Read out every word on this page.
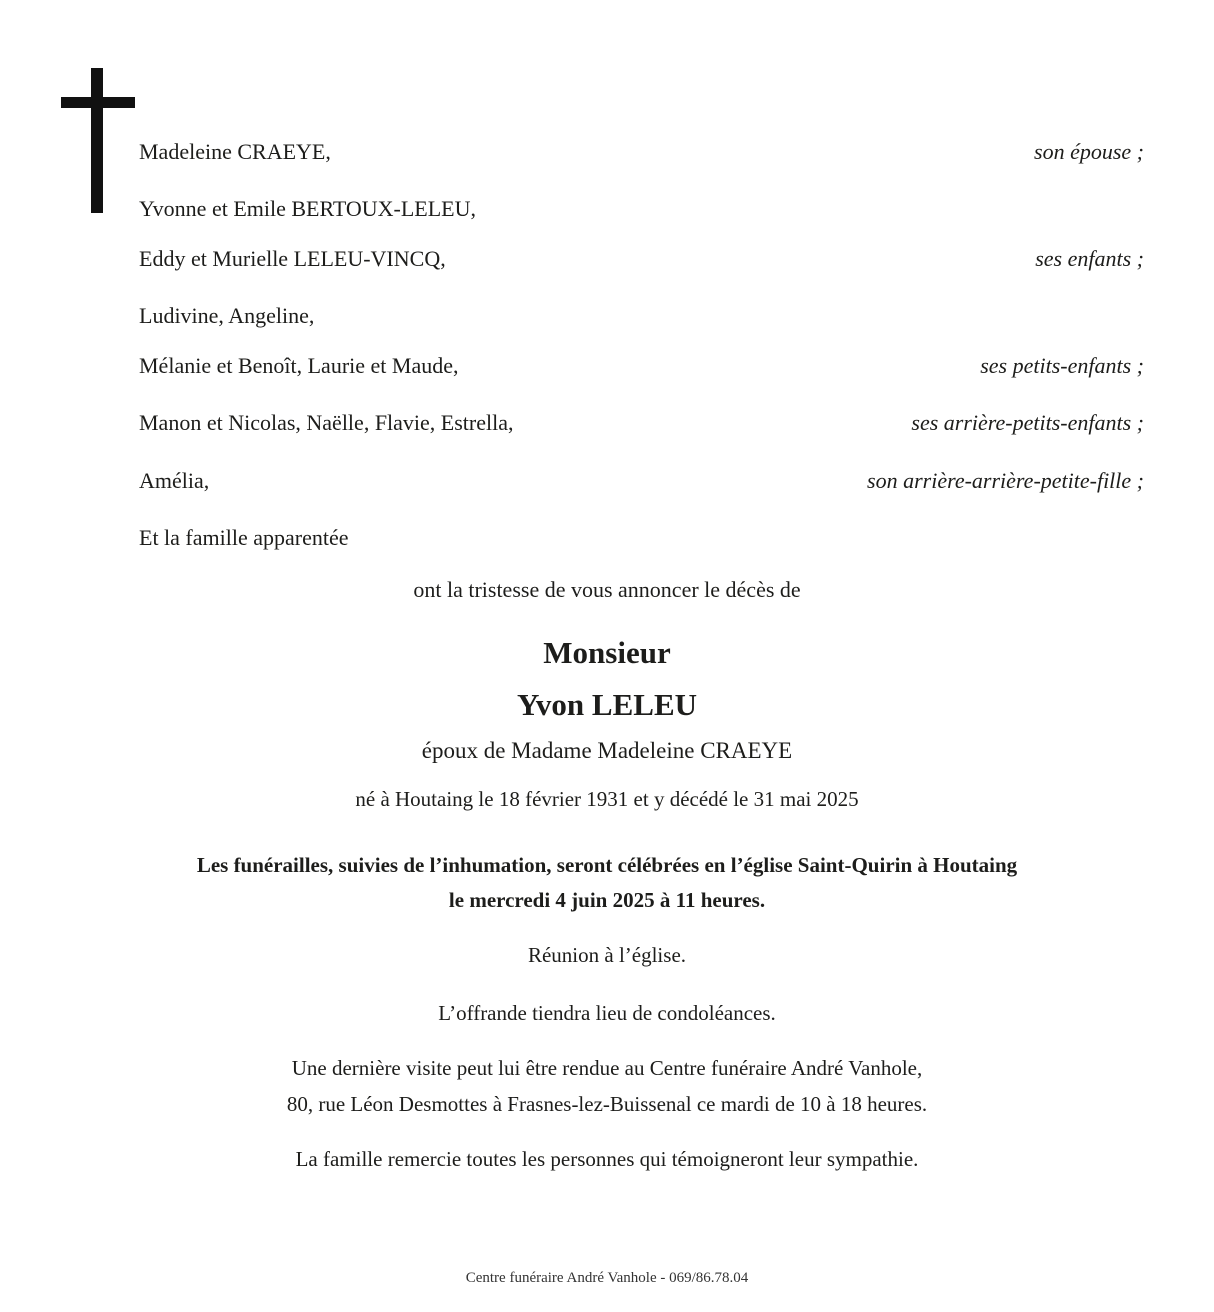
Madeleine CRAEYE,	son épouse ;
Yvonne et Emile BERTOUX-LELEU,
Eddy et Murielle LELEU-VINCQ,	ses enfants ;
Ludivine, Angeline,
Mélanie et Benoît, Laurie et Maude,	ses petits-enfants ;
Manon et Nicolas, Naëlle, Flavie, Estrella,	ses arrière-petits-enfants ;
Amélia,	son arrière-arrière-petite-fille ;
Et la famille apparentée
ont la tristesse de vous annoncer le décès de
Monsieur
Yvon LELEU
époux de Madame Madeleine CRAEYE
né à Houtaing le 18 février 1931 et y décédé le 31 mai 2025
Les funérailles, suivies de l’inhumation, seront célébrées en l’église Saint-Quirin à Houtaing
le mercredi 4 juin 2025 à 11 heures.
Réunion à l’église.
L’offrande tiendra lieu de condoléances.
Une dernière visite peut lui être rendue au Centre funéraire André Vanhole,
80, rue Léon Desmottes à Frasnes-lez-Buissenal ce mardi de 10 à 18 heures.
La famille remercie toutes les personnes qui témoigneront leur sympathie.
Centre funéraire André Vanhole - 069/86.78.04
